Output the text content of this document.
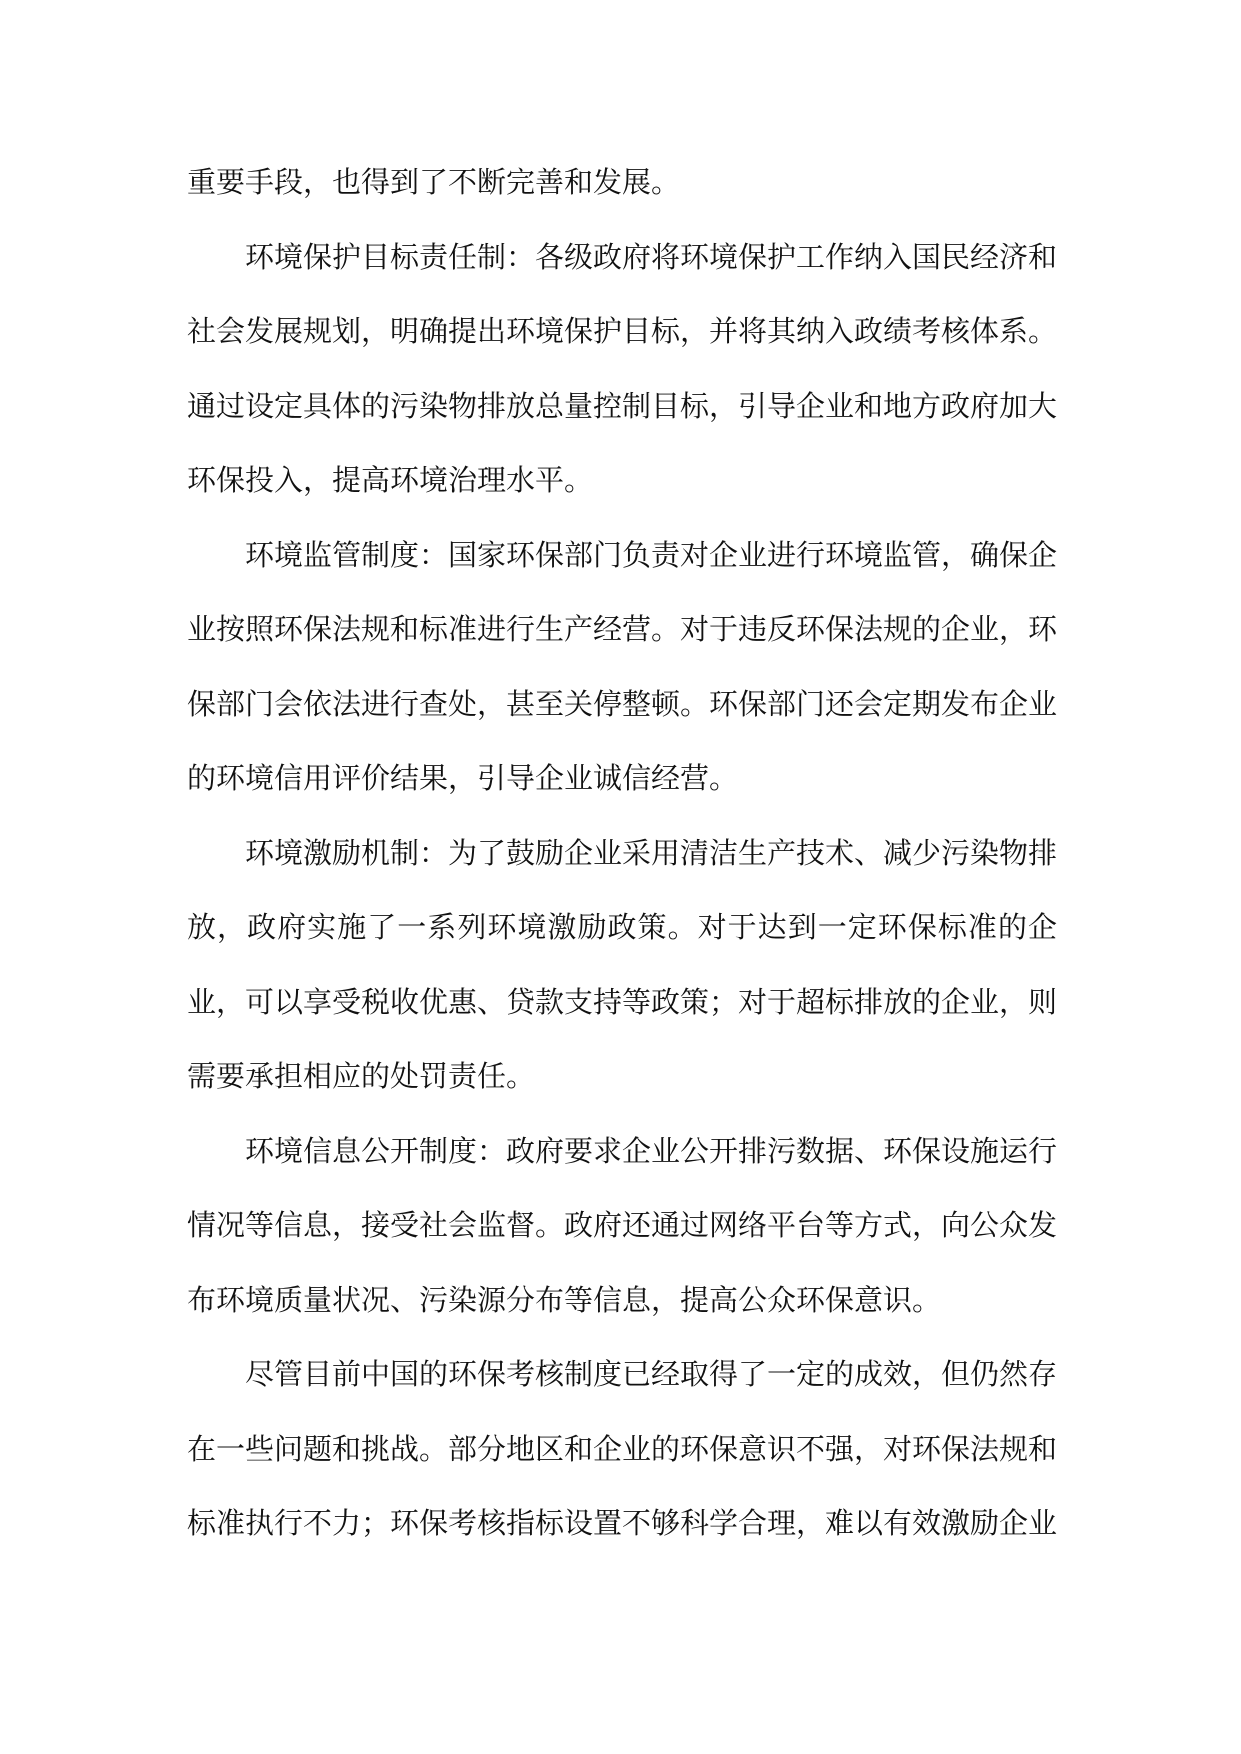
重要手段，也得到了不断完善和发展。

环境保护目标责任制：各级政府将环境保护工作纳入国民经济和社会发展规划，明确提出环境保护目标，并将其纳入政绩考核体系。通过设定具体的污染物排放总量控制目标，引导企业和地方政府加大环保投入，提高环境治理水平。

环境监管制度：国家环保部门负责对企业进行环境监管，确保企业按照环保法规和标准进行生产经营。对于违反环保法规的企业，环保部门会依法进行查处，甚至关停整顿。环保部门还会定期发布企业的环境信用评价结果，引导企业诚信经营。

环境激励机制：为了鼓励企业采用清洁生产技术、减少污染物排放，政府实施了一系列环境激励政策。对于达到一定环保标准的企业，可以享受税收优惠、贷款支持等政策；对于超标排放的企业，则需要承担相应的处罚责任。

环境信息公开制度：政府要求企业公开排污数据、环保设施运行情况等信息，接受社会监督。政府还通过网络平台等方式，向公众发布环境质量状况、污染源分布等信息，提高公众环保意识。

尽管目前中国的环保考核制度已经取得了一定的成效，但仍然存在一些问题和挑战。部分地区和企业的环保意识不强，对环保法规和标准执行不力；环保考核指标设置不够科学合理，难以有效激励企业
